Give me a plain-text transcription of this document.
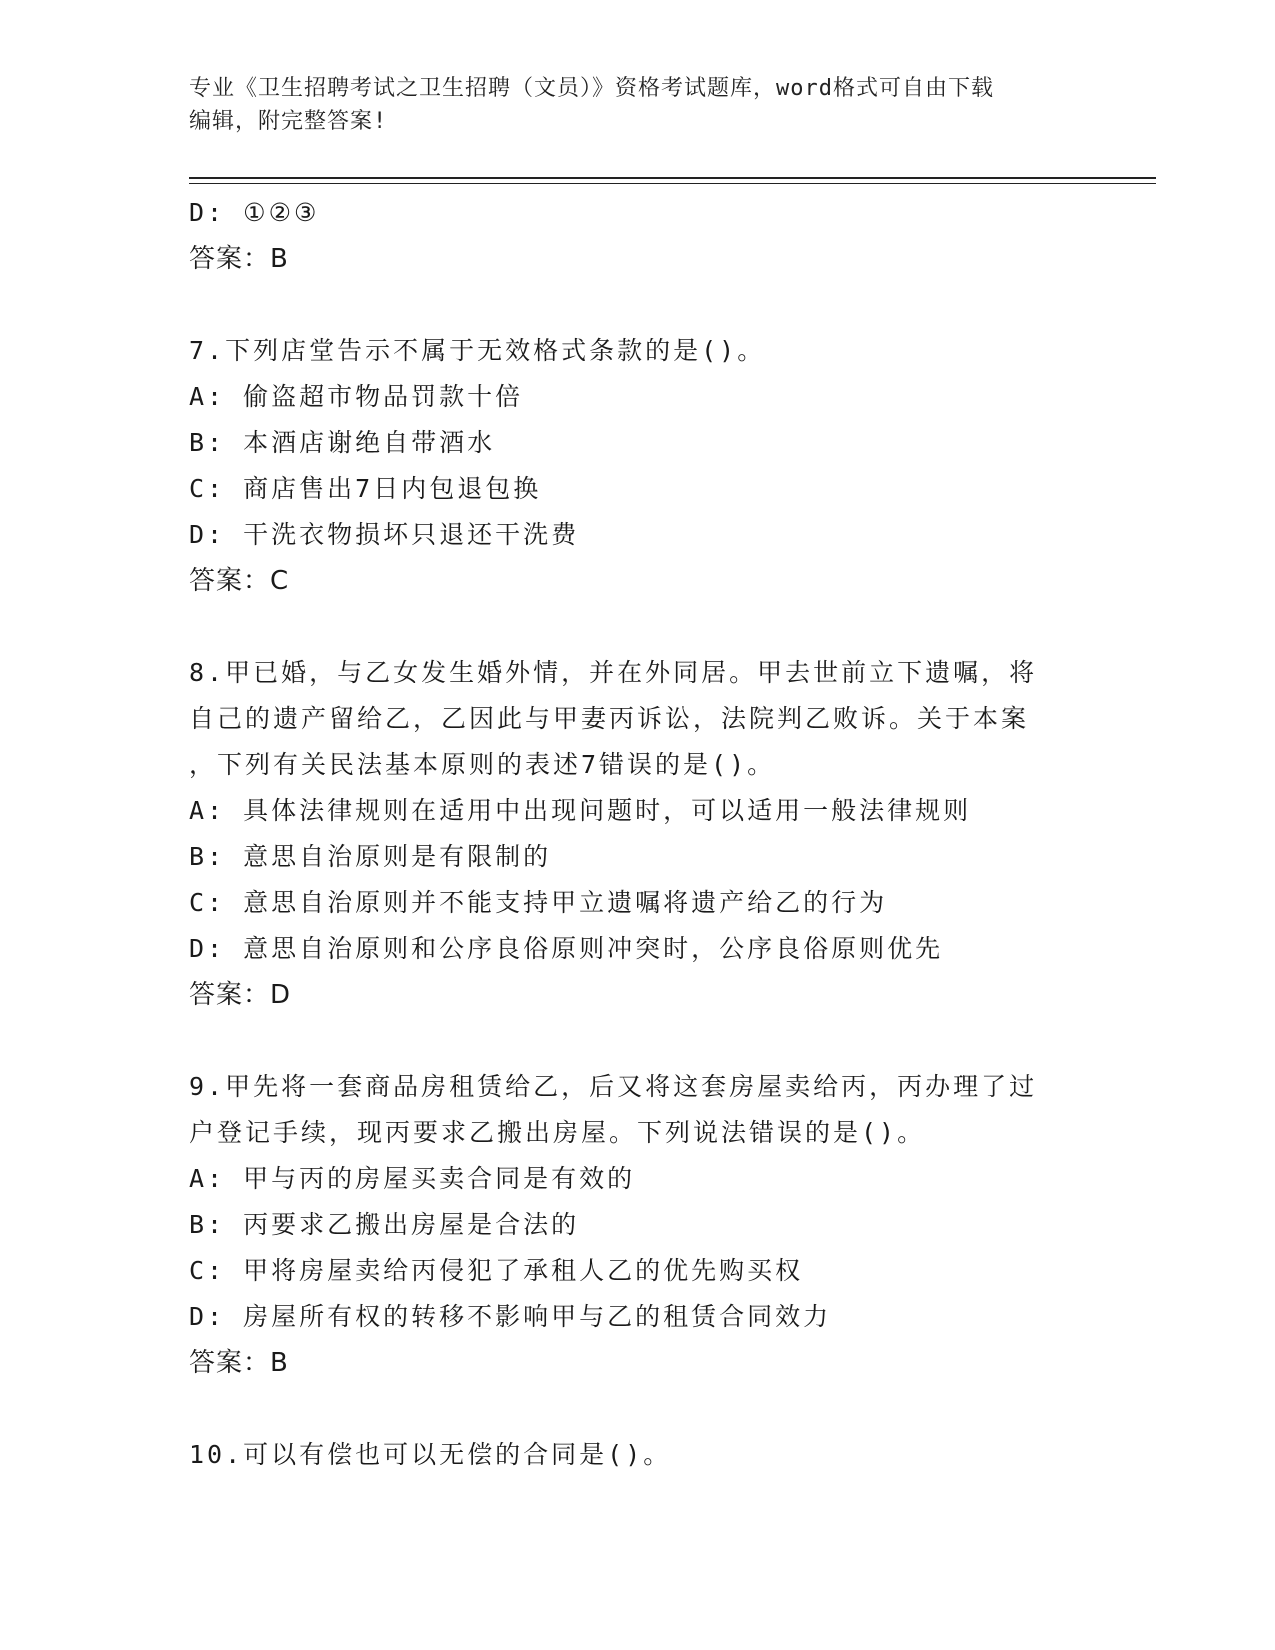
专业《卫生招聘考试之卫生招聘（文员）》资格考试题库，word格式可自由下载
编辑，附完整答案!
D: ①②③
答案：B
7.下列店堂告示不属于无效格式条款的是()。
A: 偷盗超市物品罚款十倍
B: 本酒店谢绝自带酒水
C: 商店售出7日内包退包换
D: 干洗衣物损坏只退还干洗费
答案：C
8.甲已婚，与乙女发生婚外情，并在外同居。甲去世前立下遗嘱，将
自己的遗产留给乙，乙因此与甲妻丙诉讼，法院判乙败诉。关于本案
，下列有关民法基本原则的表述7错误的是()。
A: 具体法律规则在适用中出现问题时，可以适用一般法律规则
B: 意思自治原则是有限制的
C: 意思自治原则并不能支持甲立遗嘱将遗产给乙的行为
D: 意思自治原则和公序良俗原则冲突时，公序良俗原则优先
答案：D
9.甲先将一套商品房租赁给乙，后又将这套房屋卖给丙，丙办理了过
户登记手续，现丙要求乙搬出房屋。下列说法错误的是()。
A: 甲与丙的房屋买卖合同是有效的
B: 丙要求乙搬出房屋是合法的
C: 甲将房屋卖给丙侵犯了承租人乙的优先购买权
D: 房屋所有权的转移不影响甲与乙的租赁合同效力
答案：B
10.可以有偿也可以无偿的合同是()。
